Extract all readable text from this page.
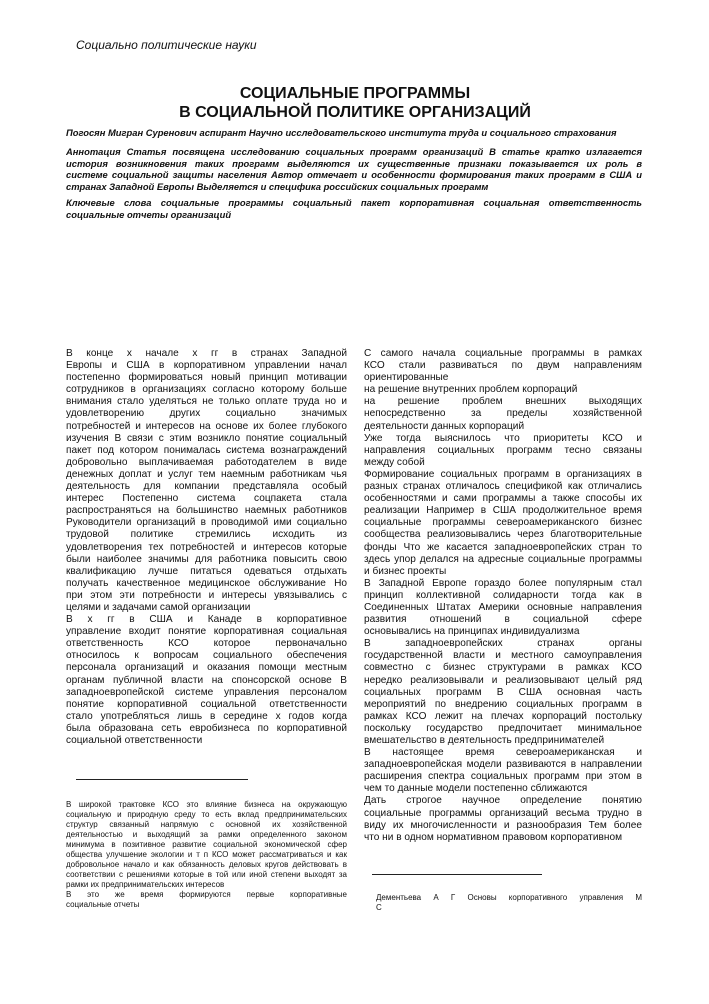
Социально политические науки
СОЦИАЛЬНЫЕ ПРОГРАММЫ
В СОЦИАЛЬНОЙ ПОЛИТИКЕ ОРГАНИЗАЦИЙ
Погосян Мигран Суренович аспирант Научно исследовательского института труда и социального страхования
Аннотация Статья посвящена исследованию социальных программ организаций В статье кратко излагается
история возникновения таких программ выделяются их существенные признаки показывается их роль в
системе социальной защиты населения Автор отмечает и особенности формирования таких программ в США и
странах Западной Европы Выделяется и специфика российских социальных программ
Ключевые слова социальные программы социальный пакет корпоративная социальная ответственность
социальные отчеты организаций
В конце х начале х гг в странах Западной
Европы и США в корпоративном управлении начал
постепенно формироваться новый принцип мотивации
сотрудников в организациях согласно которому больше
внимания стало уделяться не только оплате труда но и
удовлетворению других социально значимых
потребностей и интересов на основе их более глубокого
изучения В связи с этим возникло понятие социальный
пакет под котором понималась система вознаграждений
добровольно выплачиваемая работодателем в виде
денежных доплат и услуг тем наемным работникам чья
деятельность для компании представляла особый
интерес Постепенно система соцпакета стала
распространяться на большинство наемных работников
Руководители организаций в проводимой ими социально
трудовой политике стремились исходить из
удовлетворения тех потребностей и интересов которые
были наиболее значимы для работника повысить свою
квалификацию лучше питаться одеваться отдыхать
получать качественное медицинское обслуживание Но
при этом эти потребности и интересы увязывались с
целями и задачами самой организации
В х гг в США и Канаде в корпоративное
управление входит понятие корпоративная социальная
ответственность КСО которое первоначально
относилось к вопросам социального обеспечения
персонала организаций и оказания помощи местным
органам публичной власти на спонсорской основе В
западноевропейской системе управления персоналом
понятие корпоративной социальной ответственности
стало употребляться лишь в середине х годов когда
была образована сеть евробизнеса по корпоративной
социальной ответственности
С самого начала социальные программы в рамках
КСО стали развиваться по двум направлениям
ориентированные
на решение внутренних проблем корпораций
на решение проблем внешних выходящих
непосредственно за пределы хозяйственной
деятельности данных корпораций
Уже тогда выяснилось что приоритеты КСО и
направления социальных программ тесно связаны
между собой
Формирование социальных программ в организациях в
разных странах отличалось спецификой как отличались
особенностями и сами программы а также способы их
реализации Например в США продолжительное время
социальные программы североамериканского бизнес
сообщества реализовывались через благотворительные
фонды Что же касается западноевропейских стран то
здесь упор делался на адресные социальные программы
и бизнес проекты
В Западной Европе гораздо более популярным стал
принцип коллективной солидарности тогда как в
Соединенных Штатах Америки основные направления
развития отношений в социальной сфере
основывались на принципах индивидуализма
В западноевропейских странах органы
государственной власти и местного самоуправления
совместно с бизнес структурами в рамках КСО
нередко реализовывали и реализовывают целый ряд
социальных программ В США основная часть
мероприятий по внедрению социальных программ в
рамках КСО лежит на плечах корпораций постольку
поскольку государство предпочитает минимальное
вмешательство в деятельность предпринимателей
В настоящее время североамериканская и
западноевропейская модели развиваются в направлении
расширения спектра социальных программ при этом в
чем то данные модели постепенно сближаются
Дать строгое научное определение понятию
социальные программы организаций весьма трудно в
виду их многочисленности и разнообразия Тем более
что ни в одном нормативном правовом корпоративном
В широкой трактовке КСО это влияние бизнеса на окружающую
социальную и природную среду то есть вклад предпринимательских
структур связанный напрямую с основной их хозяйственной
деятельностью и выходящий за рамки определенного законом
минимума в позитивное развитие социальной экономической сфер
общества улучшение экологии и т п КСО может рассматриваться и как
добровольное начало и как обязанность деловых кругов действовать в
соответствии с решениями которые в той или иной степени выходят за
рамки их предпринимательских интересов
В это же время формируются первые корпоративные
социальные отчеты
Дементьева А Г Основы корпоративного управления М
С
